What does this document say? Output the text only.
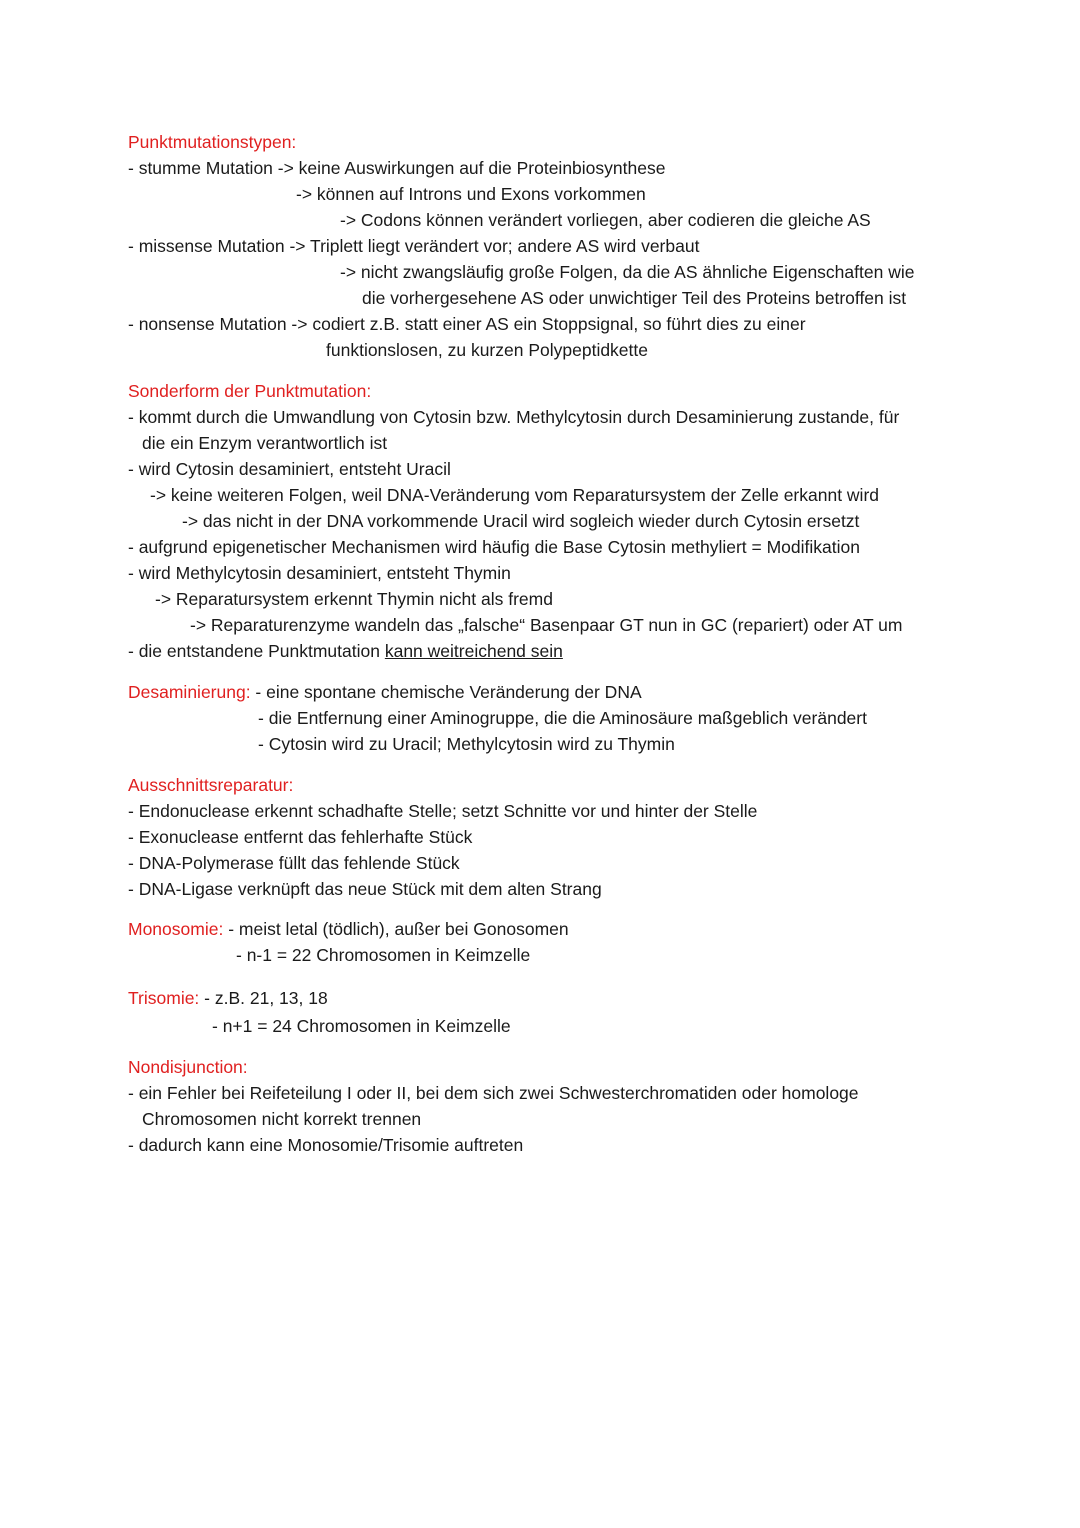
Punktmutationstypen:
- stumme Mutation -> keine Auswirkungen auf die Proteinbiosynthese
-> können auf Introns und Exons vorkommen
-> Codons können verändert vorliegen, aber codieren die gleiche AS
- missense Mutation -> Triplett liegt verändert vor; andere AS wird verbaut
-> nicht zwangsläufig große Folgen, da die AS ähnliche Eigenschaften wie
die vorhergesehene AS oder unwichtiger Teil des Proteins betroffen ist
- nonsense Mutation -> codiert z.B. statt einer AS ein Stoppsignal, so führt dies zu einer
funktionslosen, zu kurzen Polypeptidkette
Sonderform der Punktmutation:
- kommt durch die Umwandlung von Cytosin bzw. Methylcytosin durch Desaminierung zustande, für
die ein Enzym verantwortlich ist
- wird Cytosin desaminiert, entsteht Uracil
-> keine weiteren Folgen, weil DNA-Veränderung vom Reparatursystem der Zelle erkannt wird
-> das nicht in der DNA vorkommende Uracil wird sogleich wieder durch Cytosin ersetzt
- aufgrund epigenetischer Mechanismen wird häufig die Base Cytosin methyliert = Modifikation
- wird Methylcytosin desaminiert, entsteht Thymin
-> Reparatursystem erkennt Thymin nicht als fremd
-> Reparaturenzyme wandeln das „falsche“ Basenpaar GT nun in GC (repariert) oder AT um
- die entstandene Punktmutation kann weitreichend sein
Desaminierung: - eine spontane chemische Veränderung der DNA
- die Entfernung einer Aminogruppe, die die Aminosäure maßgeblich verändert
- Cytosin wird zu Uracil; Methylcytosin wird zu Thymin
Ausschnittsreparatur:
- Endonuclease erkennt schadhafte Stelle; setzt Schnitte vor und hinter der Stelle
- Exonuclease entfernt das fehlerhafte Stück
- DNA-Polymerase füllt das fehlende Stück
- DNA-Ligase verknüpft das neue Stück mit dem alten Strang
Monosomie: - meist letal (tödlich), außer bei Gonosomen
- n-1 = 22 Chromosomen in Keimzelle
Trisomie: - z.B. 21, 13, 18
- n+1 = 24 Chromosomen in Keimzelle
Nondisjunction:
- ein Fehler bei Reifeteilung I oder II, bei dem sich zwei Schwesterchromatiden oder homologe
Chromosomen nicht korrekt trennen
- dadurch kann eine Monosomie/Trisomie auftreten
